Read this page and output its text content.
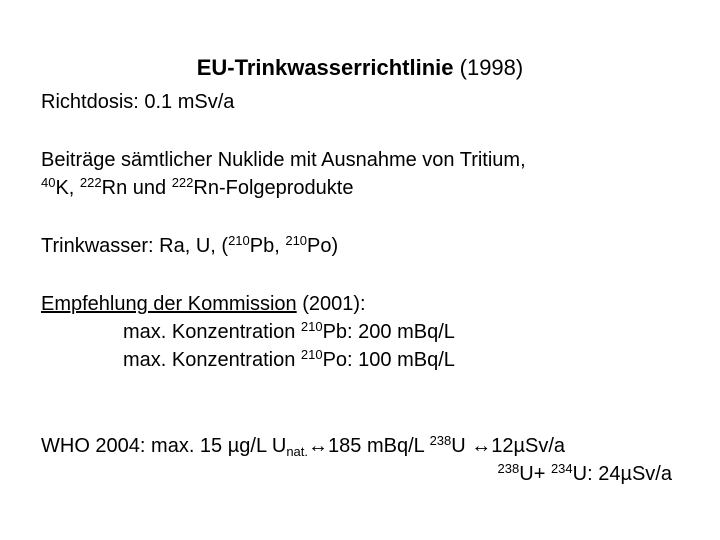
EU-Trinkwasserrichtlinie (1998)
Richtdosis: 0.1 mSv/a
Beiträge sämtlicher Nuklide mit Ausnahme von Tritium,
$^{40}$K, $^{222}$Rn und $^{222}$Rn-Folgeprodukte
Trinkwasser: Ra, U, ($^{210}$Pb, $^{210}$Po)
Empfehlung der Kommission (2001):
max. Konzentration $^{210}$Pb: 200 mBq/L
max. Konzentration $^{210}$Po: 100 mBq/L
WHO 2004: max. 15 µg/L $U_{nat.}\leftrightarrow 185$ mBq/L $^{238}$U ↔12µSv/a
$^{238}$U+ $^{234}$U: 24µSv/a
